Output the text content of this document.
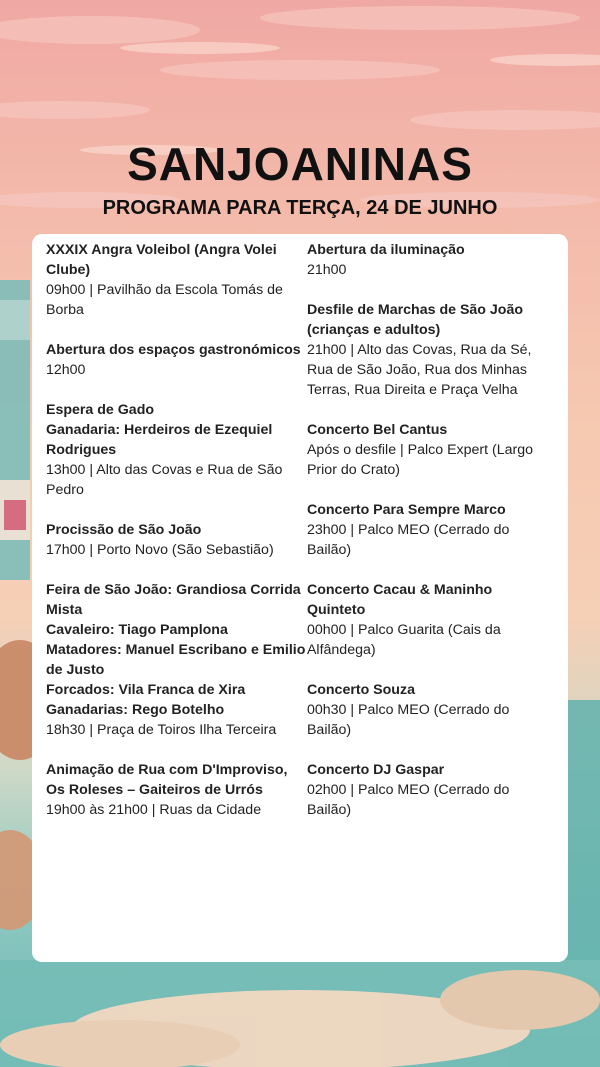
SANJOANINAS
PROGRAMA PARA TERÇA, 24 DE JUNHO
XXXIX Angra Voleibol (Angra Volei Clube)
09h00 | Pavilhão da Escola Tomás de Borba
Abertura dos espaços gastronómicos
12h00
Espera de Gado
Ganadaria: Herdeiros de Ezequiel Rodrigues
13h00 | Alto das Covas e Rua de São Pedro
Procissão de São João
17h00 | Porto Novo (São Sebastião)
Feira de São João: Grandiosa Corrida Mista
Cavaleiro: Tiago Pamplona
Matadores: Manuel Escribano e Emilio de Justo
Forcados: Vila Franca de Xira
Ganadarias: Rego Botelho
18h30 | Praça de Toiros Ilha Terceira
Animação de Rua com D'Improviso, Os Roleses – Gaiteiros de Urrós
19h00 às 21h00 | Ruas da Cidade
Abertura da iluminação
21h00
Desfile de Marchas de São João (crianças e adultos)
21h00 | Alto das Covas, Rua da Sé, Rua de São João, Rua dos Minhas Terras, Rua Direita e Praça Velha
Concerto Bel Cantus
Após o desfile | Palco Expert (Largo Prior do Crato)
Concerto Para Sempre Marco
23h00 | Palco MEO (Cerrado do Bailão)
Concerto Cacau & Maninho Quinteto
00h00 | Palco Guarita (Cais da Alfândega)
Concerto Souza
00h30 | Palco MEO (Cerrado do Bailão)
Concerto DJ Gaspar
02h00 | Palco MEO (Cerrado do Bailão)
